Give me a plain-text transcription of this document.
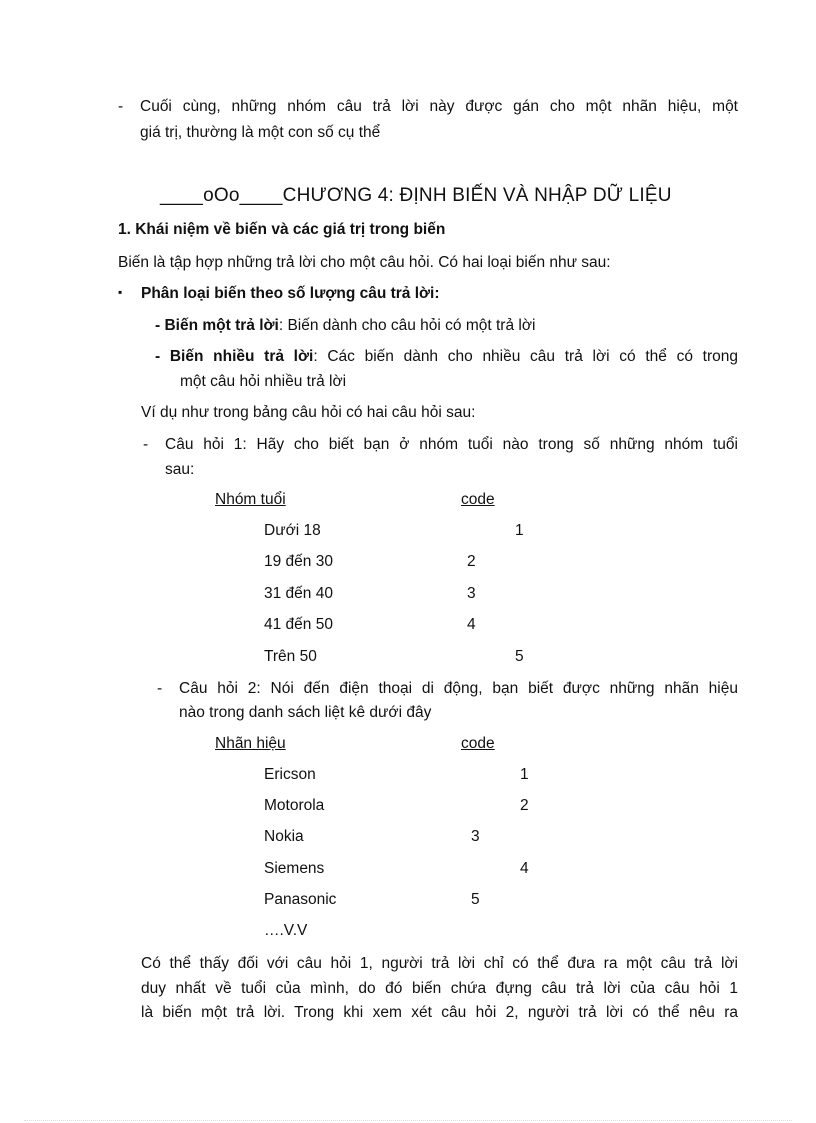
- Cuối cùng, những nhóm câu trả lời này được gán cho một nhãn hiệu, một
giá trị, thường là một con số cụ thể
____oOo____CHƯƠNG 4: ĐỊNH BIẾN VÀ NHẬP DỮ LIỆU
1. Khái niệm về biến và các giá trị trong biến
Biến là tập hợp những trả lời cho một câu hỏi. Có hai loại biến như sau:
▪ Phân loại biến theo số lượng câu trả lời:
- Biến một trả lời: Biến dành cho câu hỏi có một trả lời
- Biến nhiều trả lời: Các biến dành cho nhiều câu trả lời có thể có trong
một câu hỏi nhiều trả lời
Ví dụ như trong bảng câu hỏi có hai câu hỏi sau:
- Câu hỏi 1: Hãy cho biết bạn ở nhóm tuổi nào trong số những nhóm tuổi
sau:
Nhóm tuổi	code
Dưới 18	1
19 đến 30	2
31 đến 40	3
41 đến 50	4
Trên 50	5
- Câu hỏi 2: Nói đến điện thoại di động, bạn biết được những nhãn hiệu
nào trong danh sách liệt kê dưới đây
Nhãn hiệu	code
Ericson	1
Motorola	2
Nokia	3
Siemens	4
Panasonic	5
….V.V
Có thể thấy đối với câu hỏi 1, người trả lời chỉ có thể đưa ra một câu trả lời
duy nhất về tuổi của mình, do đó biến chứa đựng câu trả lời của câu hỏi 1
là biến một trả lời. Trong khi xem xét câu hỏi 2, người trả lời có thể nêu ra
